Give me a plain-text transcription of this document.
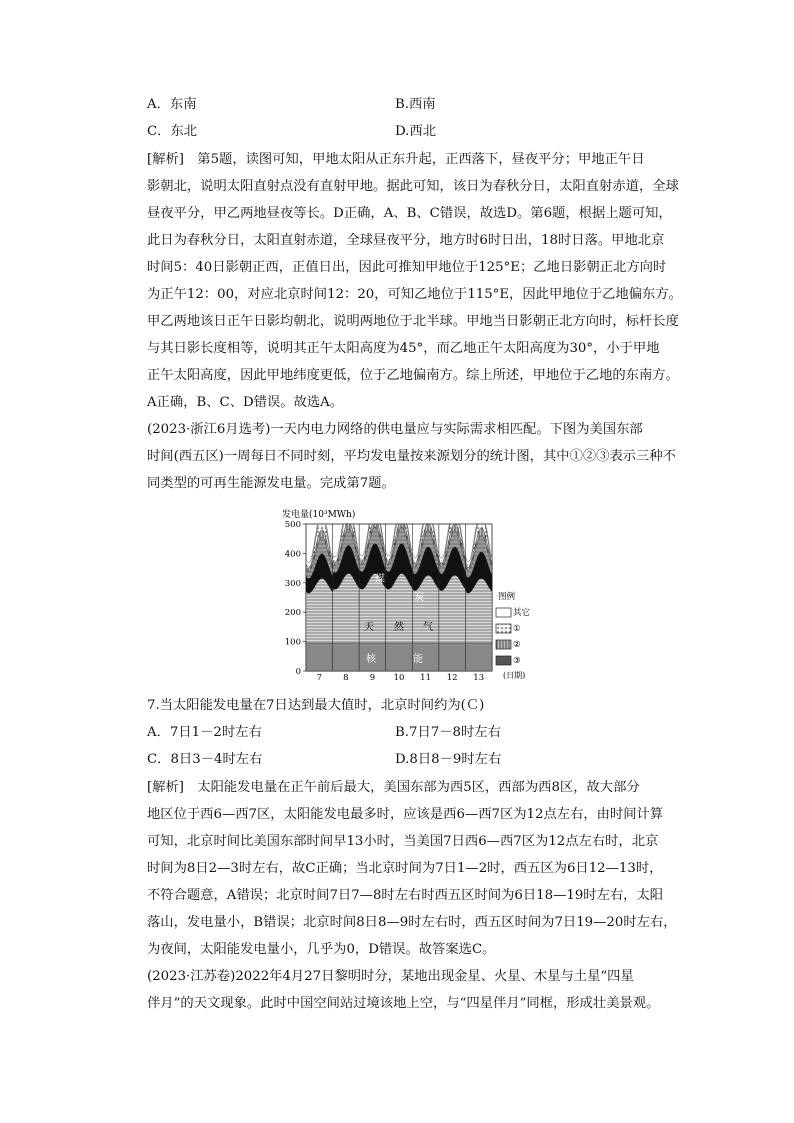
A．东南	B.西南
C．东北	D.西北
[解析]　第5题，读图可知，甲地太阳从正东升起，正西落下，昼夜平分；甲地正午日
影朝北，说明太阳直射点没有直射甲地。据此可知，该日为春秋分日，太阳直射赤道，全球
昼夜平分，甲乙两地昼夜等长。D正确，A、B、C错误，故选D。第6题，根据上题可知，
此日为春秋分日，太阳直射赤道，全球昼夜平分，地方时6时日出，18时日落。甲地北京
时间5：40日影朝正西，正值日出，因此可推知甲地位于125°E；乙地日影朝正北方向时
为正午12：00，对应北京时间12：20，可知乙地位于115°E，因此甲地位于乙地偏东方。
甲乙两地该日正午日影均朝北，说明两地位于北半球。甲地当日影朝正北方向时，标杆长度
与其日影长度相等，说明其正午太阳高度为45°，而乙地正午太阳高度为30°，小于甲地
正午太阳高度，因此甲地纬度更低，位于乙地偏南方。综上所述，甲地位于乙地的东南方。
A正确，B、C、D错误。故选A。
(2023·浙江6月选考)一天内电力网络的供电量应与实际需求相匹配。下图为美国东部
时间(西五区)一周每日不同时刻，平均发电量按来源划分的统计图，其中①②③表示三种不
同类型的可再生能源发电量。完成第7题。
0
100
200
300
400
500
7 8 9 10 11 12 13
发电量(10³MWh)
(日期)
图例
其它
①
②
③
煤
炭
天 然 气
核	能
7.当太阳能发电量在7日达到最大值时，北京时间约为(Ｃ)
A．7日1－2时左右	B.7日7－8时左右
C．8日3－4时左右	D.8日8－9时左右
[解析]　太阳能发电量在正午前后最大，美国东部为西5区，西部为西8区，故大部分
地区位于西6—西7区，太阳能发电最多时，应该是西6—西7区为12点左右，由时间计算
可知，北京时间比美国东部时间早13小时，当美国7日西6—西7区为12点左右时，北京
时间为8日2—3时左右，故C正确；当北京时间为7日1—2时，西五区为6日12—13时，
不符合题意，A错误；北京时间7日7—8时左右时西五区时间为6日18—19时左右，太阳
落山，发电量小，B错误；北京时间8日8—9时左右时，西五区时间为7日19—20时左右，
为夜间，太阳能发电量小，几乎为0，D错误。故答案选C。
(2023·江苏卷)2022年4月27日黎明时分，某地出现金星、火星、木星与土星“四星
伴月”的天文现象。此时中国空间站过境该地上空，与“四星伴月”同框，形成壮美景观。
